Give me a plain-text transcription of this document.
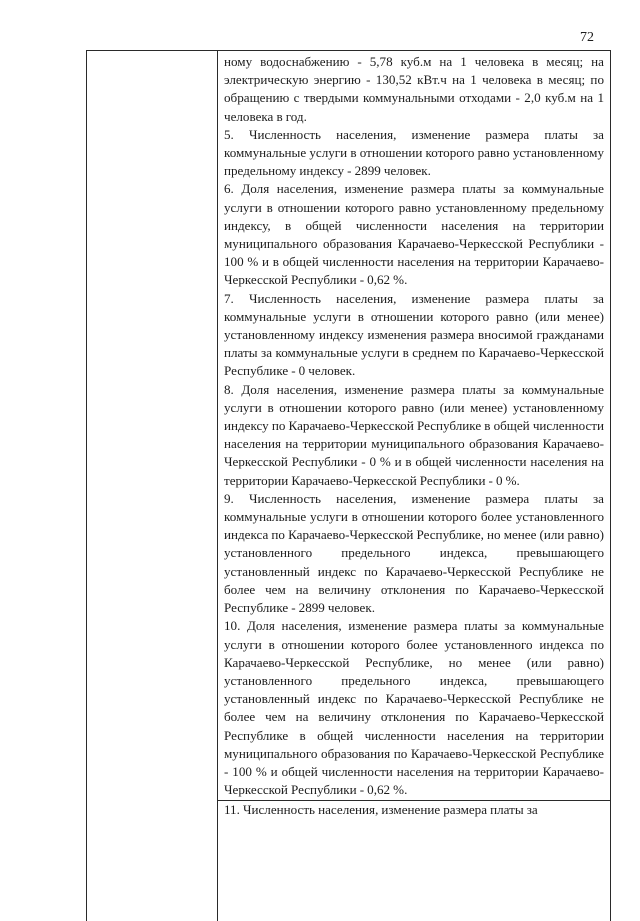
72

ному водоснабжению - 5,78 куб.м на 1 человека в месяц; на электрическую энергию - 130,52 кВт.ч на 1 человека в месяц; по обращению с твердыми коммунальными отходами - 2,0 куб.м на 1 человека в год.

5. Численность населения, изменение размера платы за коммунальные услуги в отношении которого равно установленному предельному индексу - 2899 человек.

6. Доля населения, изменение размера платы за коммунальные услуги в отношении которого равно установленному предельному индексу, в общей численности населения на территории муниципального образования Карачаево-Черкесской Республики - 100 % и в общей численности населения на территории Карачаево-Черкесской Республики - 0,62 %.

7. Численность населения, изменение размера платы за коммунальные услуги в отношении которого равно (или менее) установленному индексу изменения размера вносимой гражданами платы за коммунальные услуги в среднем по Карачаево-Черкесской Республике - 0 человек.

8. Доля населения, изменение размера платы за коммунальные услуги в отношении которого равно (или менее) установленному индексу по Карачаево-Черкесской Республике в общей численности населения на территории муниципального образования Карачаево-Черкесской Республики - 0 % и в общей численности населения на территории Карачаево-Черкесской Республики - 0 %.

9. Численность населения, изменение размера платы за коммунальные услуги в отношении которого более установленного индекса по Карачаево-Черкесской Республике, но менее (или равно) установленного предельного индекса, превышающего установленный индекс по Карачаево-Черкесской Республике не более чем на величину отклонения по Карачаево-Черкесской Республике - 2899 человек.

10. Доля населения, изменение размера платы за коммунальные услуги в отношении которого более установленного индекса по Карачаево-Черкесской Республике, но менее (или равно) установленного предельного индекса, превышающего установленный индекс по Карачаево-Черкесской Республике не более чем на величину отклонения по Карачаево-Черкесской Республике в общей численности населения на территории муниципального образования по Карачаево-Черкесской Республике - 100 % и общей численности населения на территории Карачаево-Черкесской Республики - 0,62 %.

11. Численность населения, изменение размера платы за
